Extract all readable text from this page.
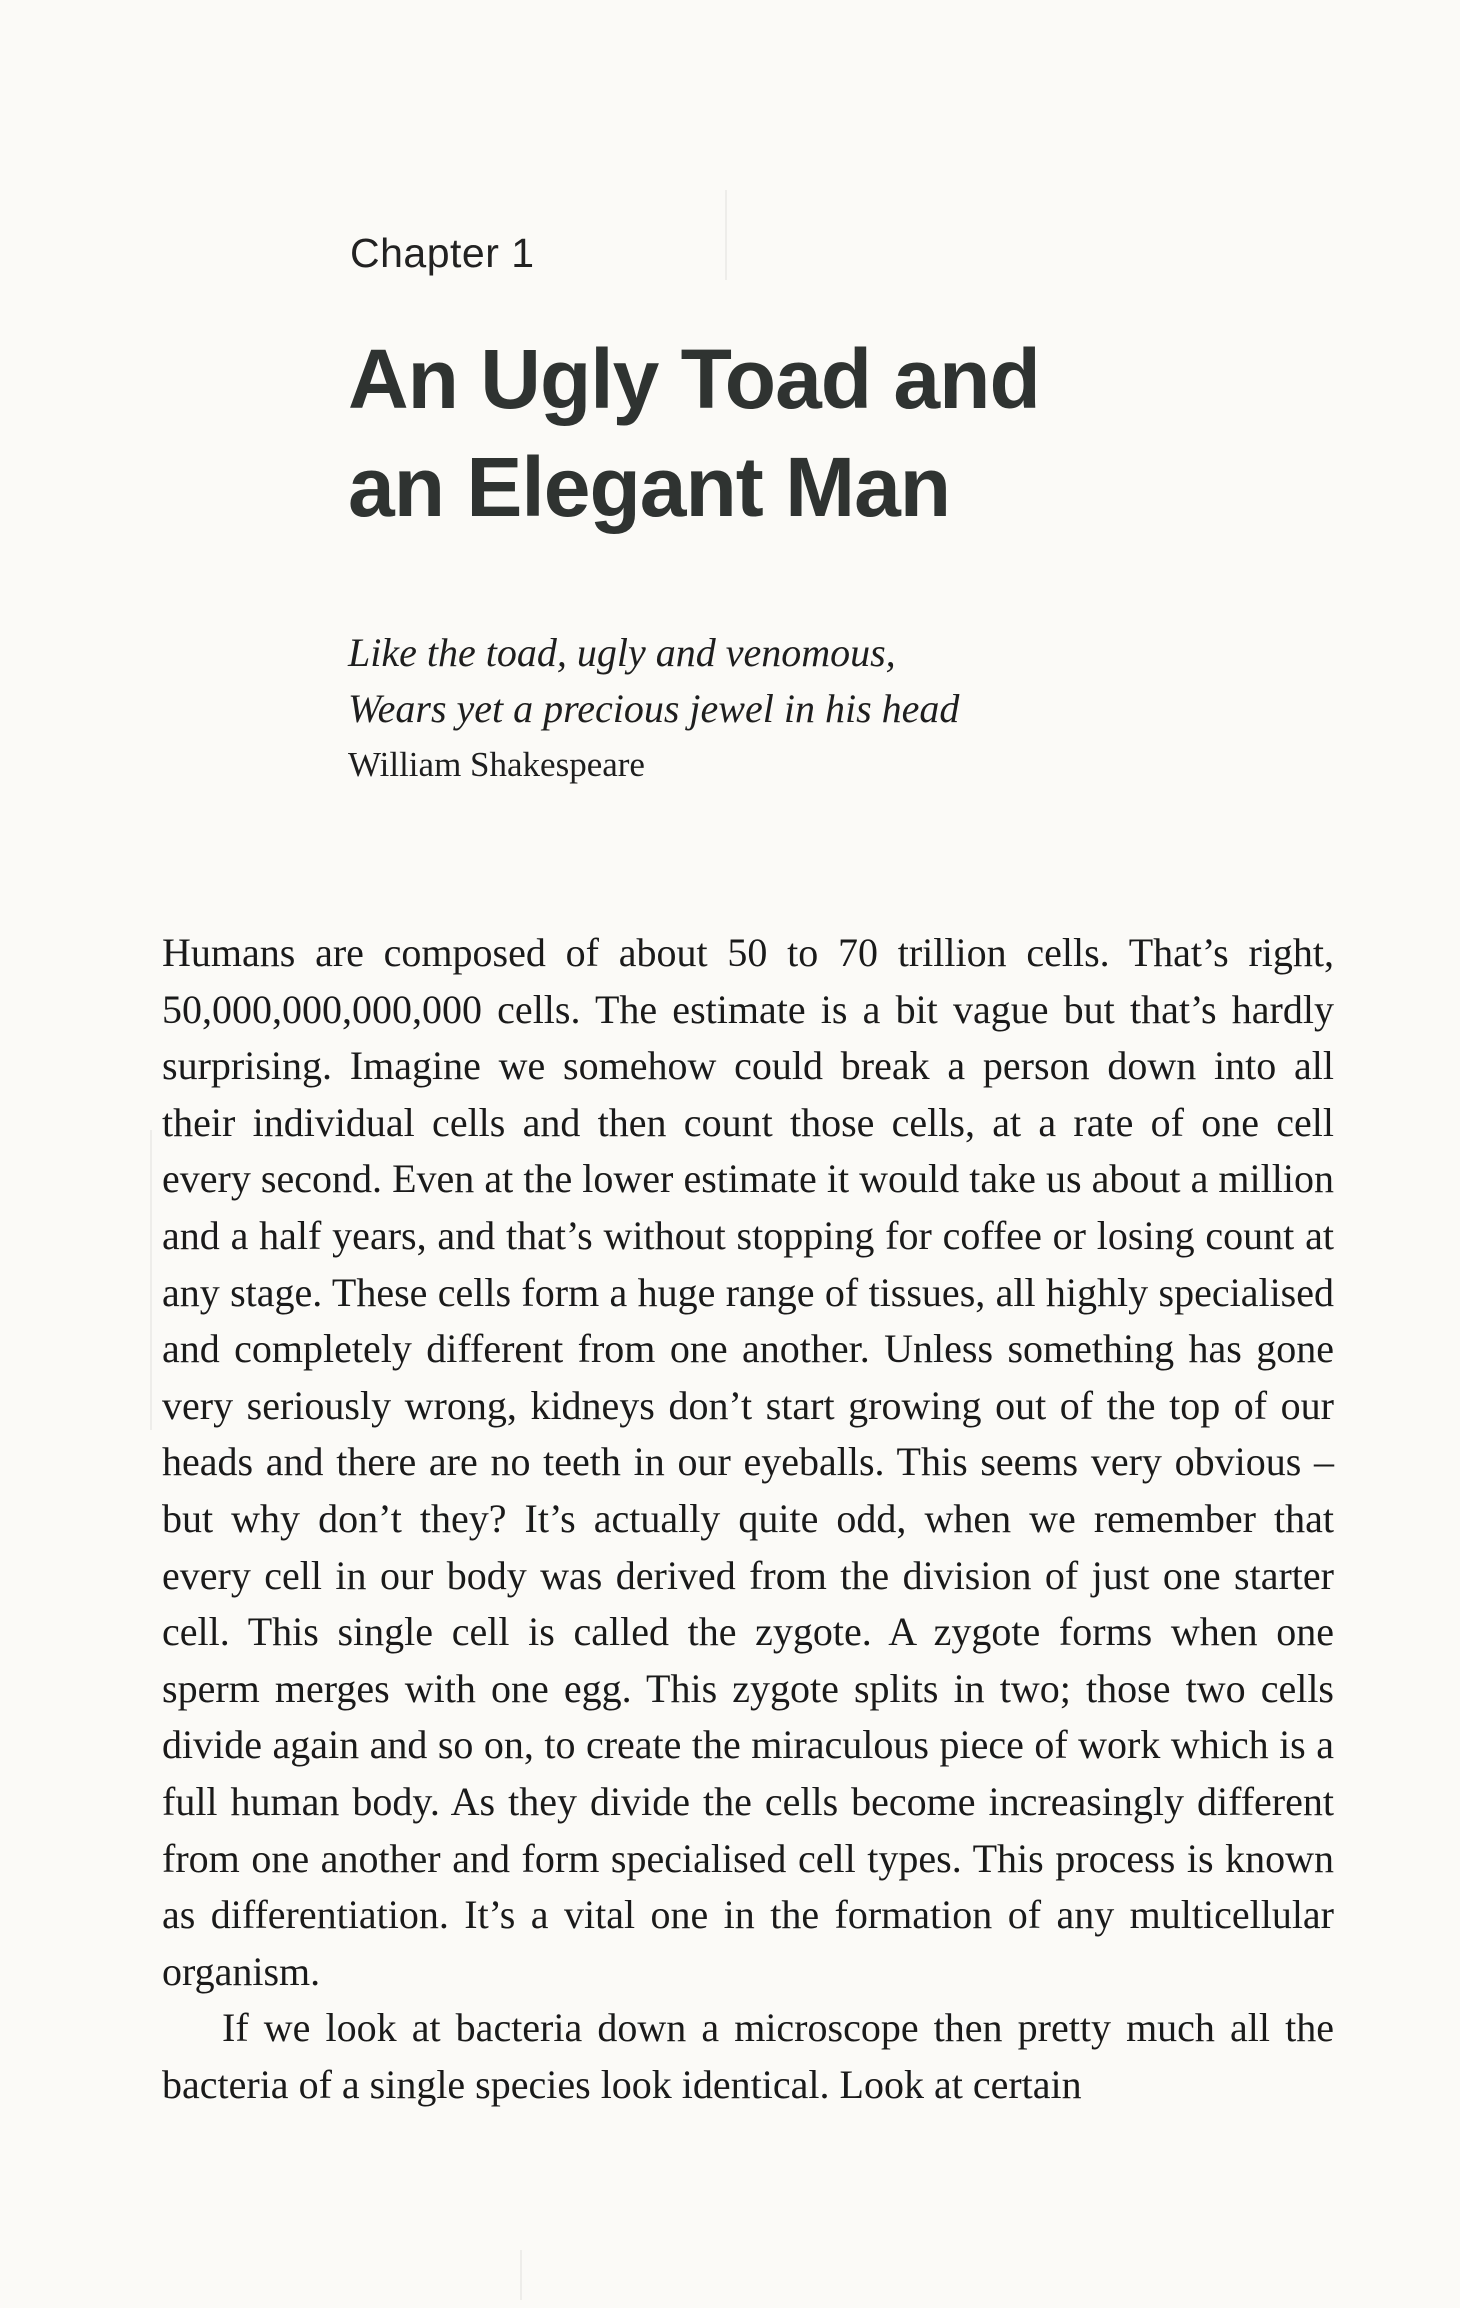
Chapter 1
An Ugly Toad and
an Elegant Man
Like the toad, ugly and venomous,
Wears yet a precious jewel in his head
William Shakespeare

Humans are composed of about 50 to 70 trillion cells. That’s right, 50,000,000,000,000 cells. The estimate is a bit vague but that’s hardly surprising. Imagine we somehow could break a person down into all their individual cells and then count those cells, at a rate of one cell every second. Even at the lower estimate it would take us about a million and a half years, and that’s without stopping for coffee or losing count at any stage. These cells form a huge range of tissues, all highly specialised and completely different from one another. Unless something has gone very seriously wrong, kidneys don’t start growing out of the top of our heads and there are no teeth in our eyeballs. This seems very obvious – but why don’t they? It’s actually quite odd, when we remember that every cell in our body was derived from the division of just one starter cell. This single cell is called the zygote. A zygote forms when one sperm merges with one egg. This zygote splits in two; those two cells divide again and so on, to create the miraculous piece of work which is a full human body. As they divide the cells become increasingly different from one another and form specialised cell types. This process is known as differentiation. It’s a vital one in the formation of any multicellular organism.

If we look at bacteria down a microscope then pretty much all the bacteria of a single species look identical. Look at certain
